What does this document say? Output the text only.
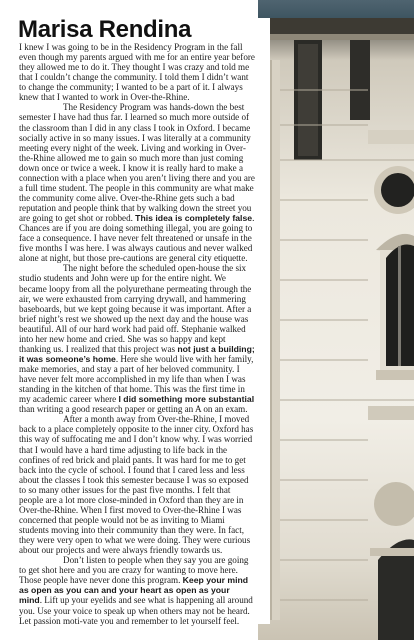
Marisa Rendina

I knew I was going to be in the Residency Program in the fall even though my parents argued with me for an entire year before they allowed me to do it. They thought I was crazy and told me that I couldn’t change the community. I told them I didn’t want to change the community; I wanted to be a part of it. I always knew that I wanted to work in Over-the-Rhine.

The Residency Program was hands-down the best semester I have had thus far. I learned so much more outside of the classroom than I did in any class I took in Oxford. I became socially active in so many issues. I was literally at a community meeting every night of the week. Living and working in Over-the-Rhine allowed me to gain so much more than just coming down once or twice a week. I know it is really hard to make a connection with a place when you aren’t living there and you are a full time student. The people in this community are what make the community come alive. Over-the-Rhine gets such a bad reputation and people think that by walking down the street you are going to get shot or robbed. This idea is completely false. Chances are if you are doing something illegal, you are going to face a consequence. I have never felt threatened or unsafe in the five months I was here. I was always cautious and never walked alone at night, but those pre-cautions are general city etiquette.

The night before the scheduled open-house the six studio students and John were up for the entire night. We became loopy from all the polyurethane permeating through the air, we were exhausted from carrying drywall, and hammering baseboards, but we kept going because it was important. After a brief night’s rest we showed up the next day and the house was beautiful. All of our hard work had paid off. Stephanie walked into her new home and cried. She was so happy and kept thanking us. I realized that this project was not just a building; it was someone’s home. Here she would live with her family, make memories, and stay a part of her beloved community. I have never felt more accomplished in my life than when I was standing in the kitchen of that home. This was the first time in my academic career where I did something more substantial than writing a good research paper or getting an A on an exam.

After a month away from Over-the-Rhine, I moved back to a place completely opposite to the inner city. Oxford has this way of suffocating me and I don’t know why. I was worried that I would have a hard time adjusting to life back in the confines of red brick and plaid pants. It was hard for me to get back into the cycle of school. I found that I cared less and less about the classes I took this semester because I was so exposed to so many other issues for the past five months. I felt that people are a lot more close-minded in Oxford than they are in Over-the-Rhine. When I first moved to Over-the-Rhine I was concerned that people would not be as inviting to Miami students moving into their community than they were. In fact, they were very open to what we were doing. They were curious about our projects and were always friendly towards us.

Don’t listen to people when they say you are going to get shot here and you are crazy for wanting to move here. Those people have never done this program. Keep your mind as open as you can and your heart as open as your mind. Lift up your eyelids and see what is happening all around you. Use your voice to speak up when others may not be heard. Let passion moti-vate you and remember to let yourself feel.
